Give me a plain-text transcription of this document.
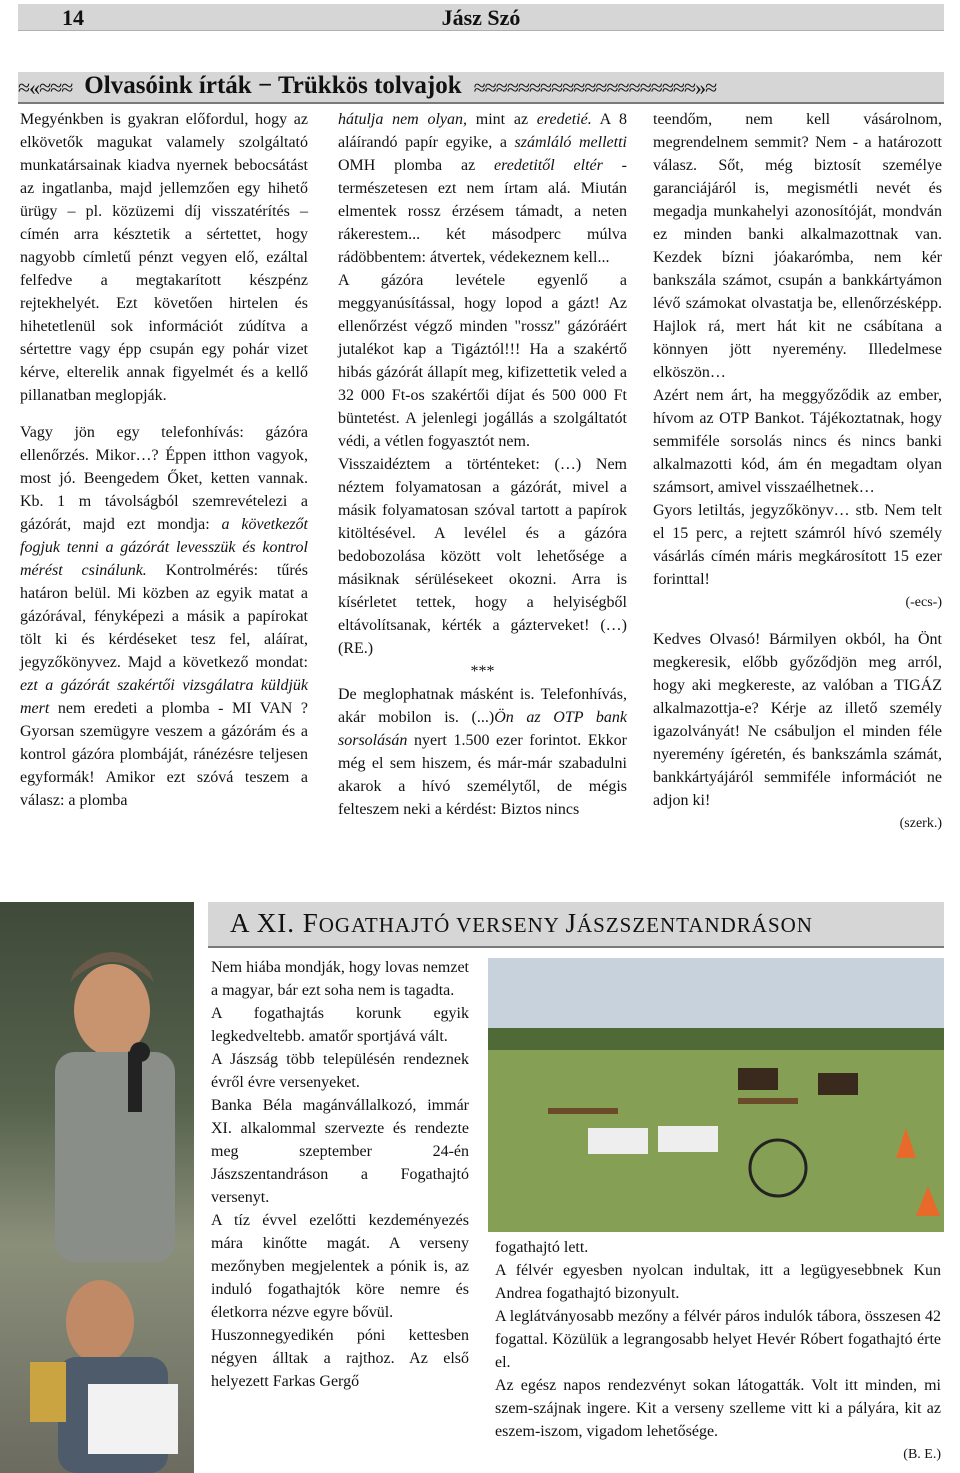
14	Jász Szó
≈«≈≈≈ Olvasóink írták − Trükkös tolvajok ≈≈≈≈≈≈≈≈≈≈≈≈≈≈≈≈≈≈≈≈»≈

Megyénkben is gyakran előfordul, hogy az elkövetők magukat valamely szolgáltató munkatársainak kiadva nyernek bebocsátást az ingatlanba, majd jellemzően egy hihető ürügy – pl. közüzemi díj visszatérítés – címén arra késztetik a sértettet, hogy nagyobb címletű pénzt vegyen elő, ezáltal felfedve a megtakarított készpénz rejtekhelyét. Ezt követően hirtelen és hihetetlenül sok információt zúdítva a sértettre vagy épp csupán egy pohár vizet kérve, elterelik annak figyelmét és a kellő pillanatban meglopják.

Vagy jön egy telefonhívás: gázóra ellenőrzés. Mikor…? Éppen itthon vagyok, most jó. Beengedem Őket, ketten vannak. Kb. 1 m távolságból szemrevételezi a gázórát, majd ezt mondja: a következőt fogjuk tenni a gázórát levesszük és kontrol mérést csinálunk. Kontrolmérés: tűrés határon belül. Mi közben az egyik matat a gázórával, fényképezi a másik a papírokat tölt ki és kérdéseket tesz fel, aláírat, jegyzőkönyvez. Majd a következő mondat: ezt a gázórát szakértői vizsgálatra küldjük mert nem eredeti a plomba - MI VAN ? Gyorsan szemügyre veszem a gázórám és a kontrol gázóra plombáját, ránézésre teljesen egyformák! Amikor ezt szóvá teszem a válasz: a plomba

hátulja nem olyan, mint az eredetié. A 8 aláírandó papír egyike, a számláló melletti OMH plomba az eredetitől eltér - természetesen ezt nem írtam alá. Miután elmentek rossz érzésem támadt, a neten rákerestem... két másodperc múlva rádöbbentem: átvertek, védekeznem kell...

A gázóra levétele egyenlő a meggyanúsítással, hogy lopod a gázt! Az ellenőrzést végző minden "rossz" gázóráért jutalékot kap a Tigáztól!!! Ha a szakértő hibás gázórát állapít meg, kifizettetik veled a 32 000 Ft-os szakértői díjat és 500 000 Ft büntetést. A jelenlegi jogállás a szolgáltatót védi, a vétlen fogyasztót nem.

Visszaidéztem a történteket: (…) Nem néztem folyamatosan a gázórát, mivel a másik folyamatosan szóval tartott a papírok kitöltésével. A levélel és a gázóra bedobozolása között volt lehetősége a másiknak sérülésekeet okozni. Arra is kísérletet tettek, hogy a helyiségből eltávolítsanak, kérték a gázterveket! (…) (RE.)

***

De meglophatnak másként is. Telefonhívás, akár mobilon is. (...)Ön az OTP bank sorsolásán nyert 1.500 ezer forintot. Ekkor még el sem hiszem, és már-már szabadulni akarok a hívó személytől, de mégis felteszem neki a kérdést: Biztos nincs

teendőm, nem kell vásárolnom, megrendelnem semmit? Nem - a határozott válasz. Sőt, még biztosít személye garanciájáról is, megismétli nevét és megadja munkahelyi azonosítóját, mondván ez minden banki alkalmazottnak van. Kezdek bízni jóakarómba, nem kér bankszála számot, csupán a bankkártyámon lévő számokat olvastatja be, ellenőrzésképp. Hajlok rá, mert hát kit ne csábítana a könnyen jött nyeremény. Illedelmese elköszön…

Azért nem árt, ha meggyőződik az ember, hívom az OTP Bankot. Tájékoztatnak, hogy semmiféle sorsolás nincs és nincs banki alkalmazotti kód, ám én megadtam olyan számsort, amivel visszaélhetnek…

Gyors letiltás, jegyzőkönyv… stb. Nem telt el 15 perc, a rejtett számról hívó személy vásárlás címén máris megkárosított 15 ezer forinttal!

(-ecs-)

Kedves Olvasó! Bármilyen okból, ha Önt megkeresik, előbb győződjön meg arról, hogy aki megkereste, az valóban a TIGÁZ alkalmazottja-e? Kérje az illető személy igazolványát! Ne csábuljon el minden féle nyeremény ígéretén, és bankszámla számát, bankkártyájáról semmiféle információt ne adjon ki!

(szerk.)

A XI. FOGATHAJTÓ VERSENY JÁSZSZENTANDRÁSON

Nem hiába mondják, hogy lovas nemzet a magyar, bár ezt soha nem is tagadta.

A fogathajtás korunk egyik legkedveltebb. amatőr sportjává vált.

A Jászság több településén rendeznek évről évre versenyeket.

Banka Béla magánvállalkozó, immár XI. alkalommal szervezte és rendezte meg szeptember 24-én Jászszentandráson a Fogathajtó versenyt.

A tíz évvel ezelőtti kezdeményezés mára kinőtte magát. A verseny mezőnyben megjelentek a pónik is, az induló fogathajtók köre nemre és életkorra nézve egyre bővül.

Huszonnegyedikén póni kettesben négyen álltak a rajthoz. Az első helyezett Farkas Gergő

fogathajtó lett.

A félvér egyesben nyolcan indultak, itt a legügyesebbnek Kun Andrea fogathajtó bizonyult.

A leglátványosabb mezőny a félvér páros indulók tábora, összesen 42 fogattal. Közülük a legrangosabb helyet Hevér Róbert fogathajtó érte el.

Az egész napos rendezvényt sokan látogatták. Volt itt minden, mi szem-szájnak ingere. Kit a verseny szelleme vitt ki a pályára, kit az eszem-iszom, vigadom lehetősége.

(B. E.)
